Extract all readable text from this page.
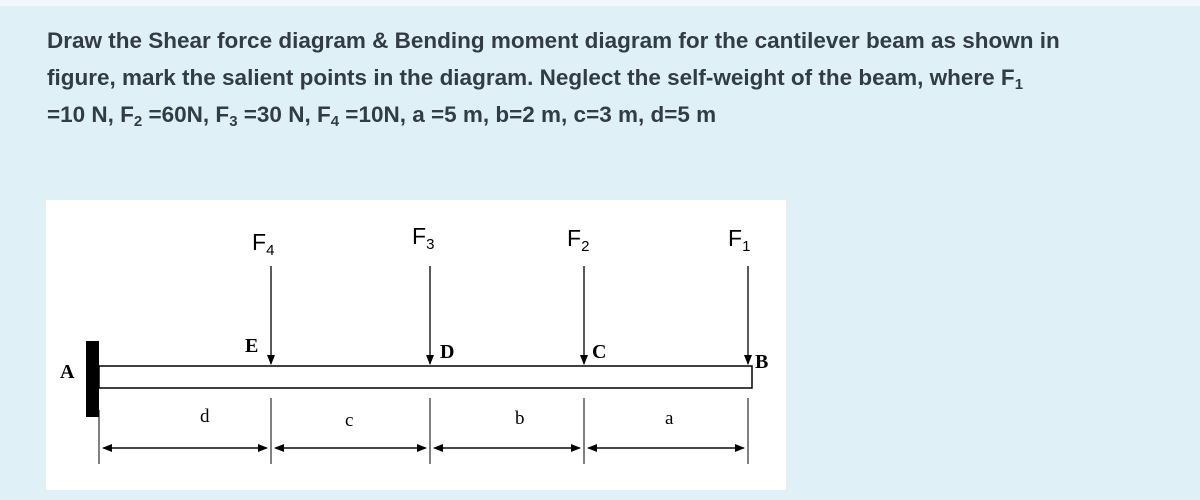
Draw the Shear force diagram & Bending moment diagram for the cantilever beam as shown in
figure, mark the salient points in the diagram. Neglect the self-weight of the beam, where $F_1$
=10 N, $F_2 =60N$, $F_3 =30$ N, $F_4 =10N$, a =5 m, b=2 m, c=3 m, d=5 m
$F_4$
$F_3$	$F_2$	$F_1$
A
E	D	C	B
d	c	b	a
